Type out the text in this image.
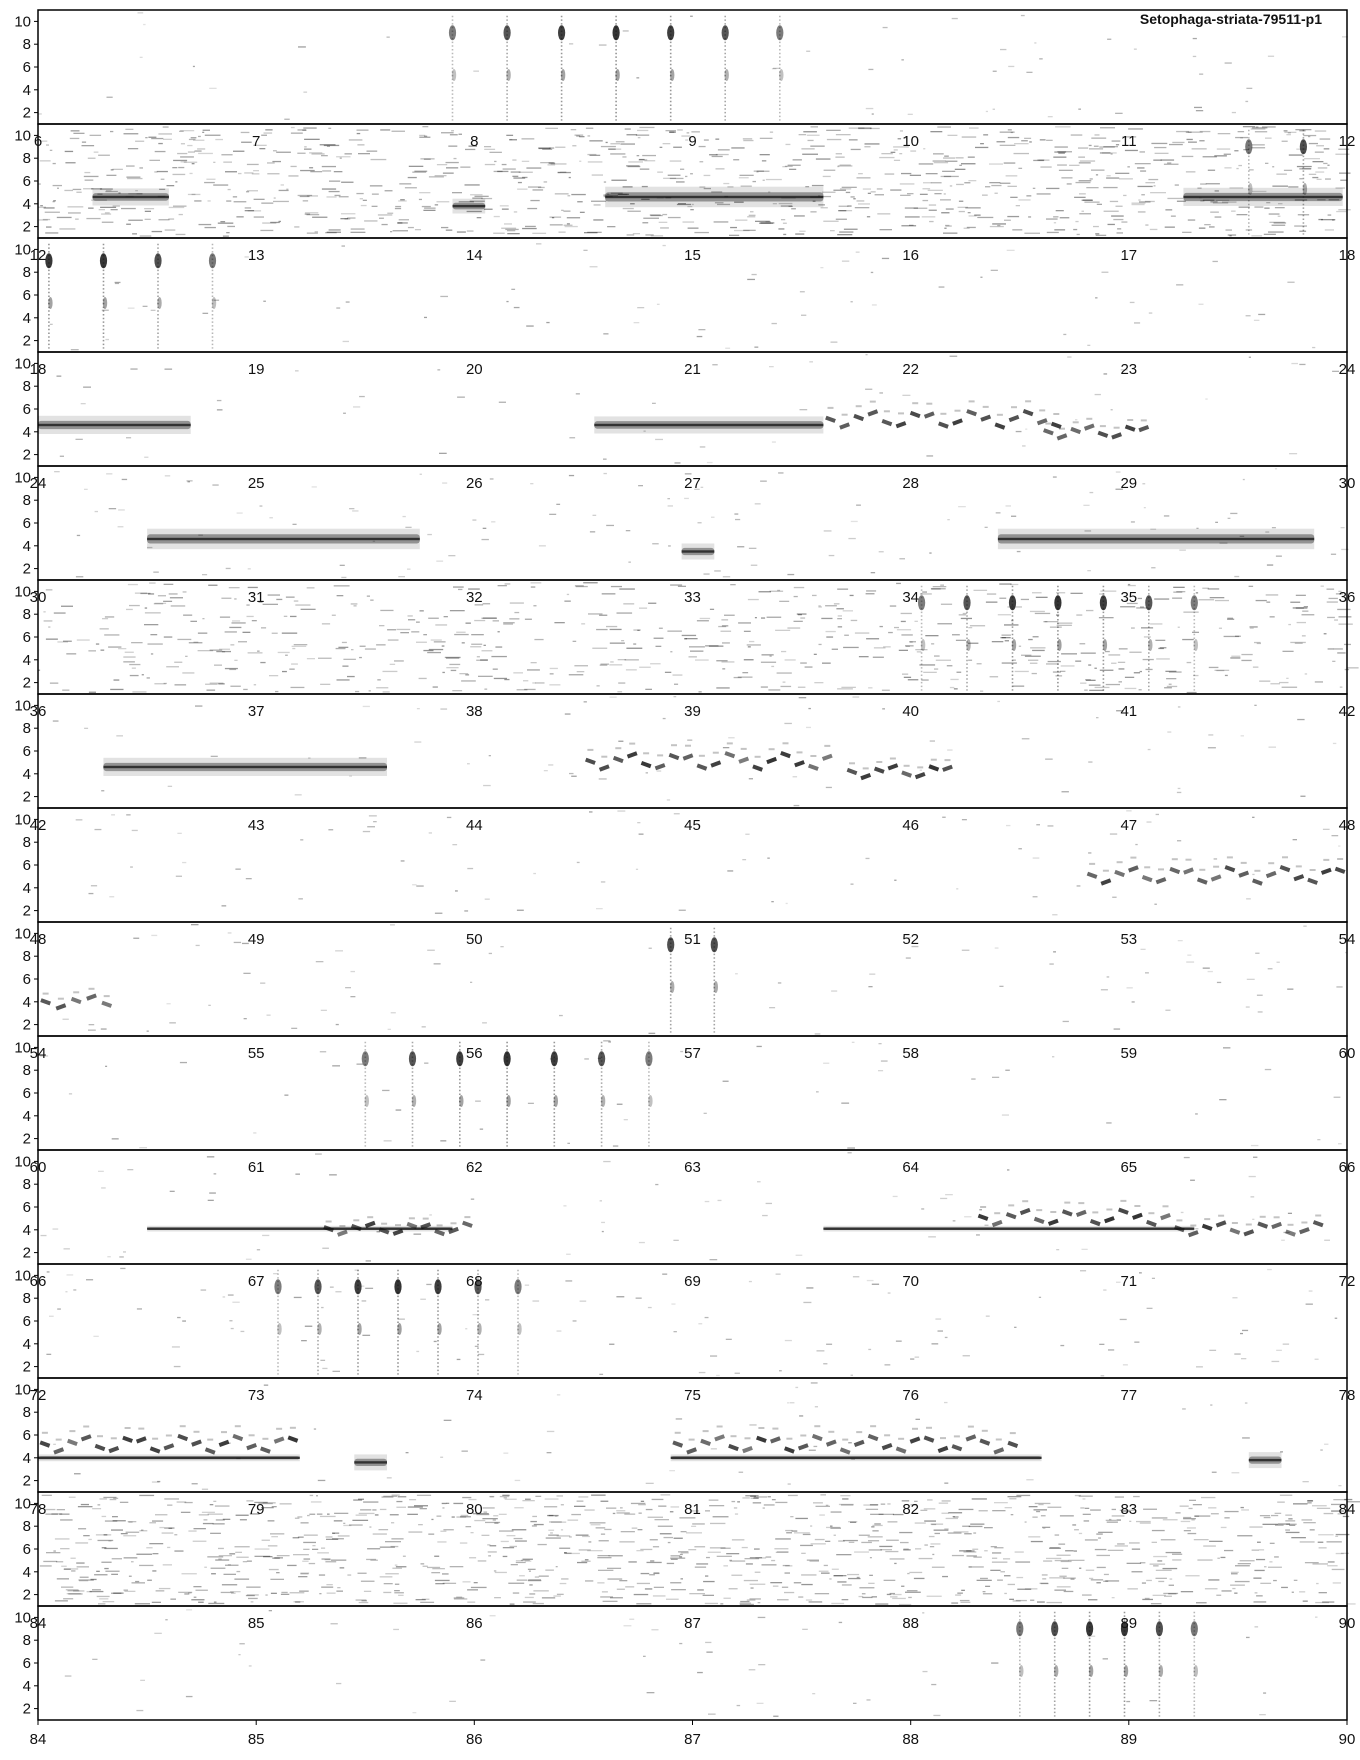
2
4
6
8
10
2
4
6
8
10 6	7	8	9	10	11	12
2
4
6
8
10
12	13	14	15	16	17	18
2
4
6
8
10
18	19	20	21	22	23	24
2
4
6
8
10
24	25	26	27	28	29	30
2
4
6
8
10
30	31	32	33	34	35	36
2
4
6
8
10
36	37	38	39	40	41	42
2
4
6
8
10
42	43	44	45	46	47	48
2
4
6
8
10
48	49	50	51	52	53	54
2
4
6
8
10
54	55	56	57	58	59	60
2
4
6
8
10
60	61	62	63	64	65	66
2
4
6
8
10
66	67	68	69	70	71	72
2
4
6
8
10
72	73	74	75	76	77	78
2
4
6
8
10
78	79	80	81	82	83	84
2
4
6
8
10
84	85	86	87	88	89	90
84	85	86	87	88	89	90
Setophaga-striata-79511-p1
